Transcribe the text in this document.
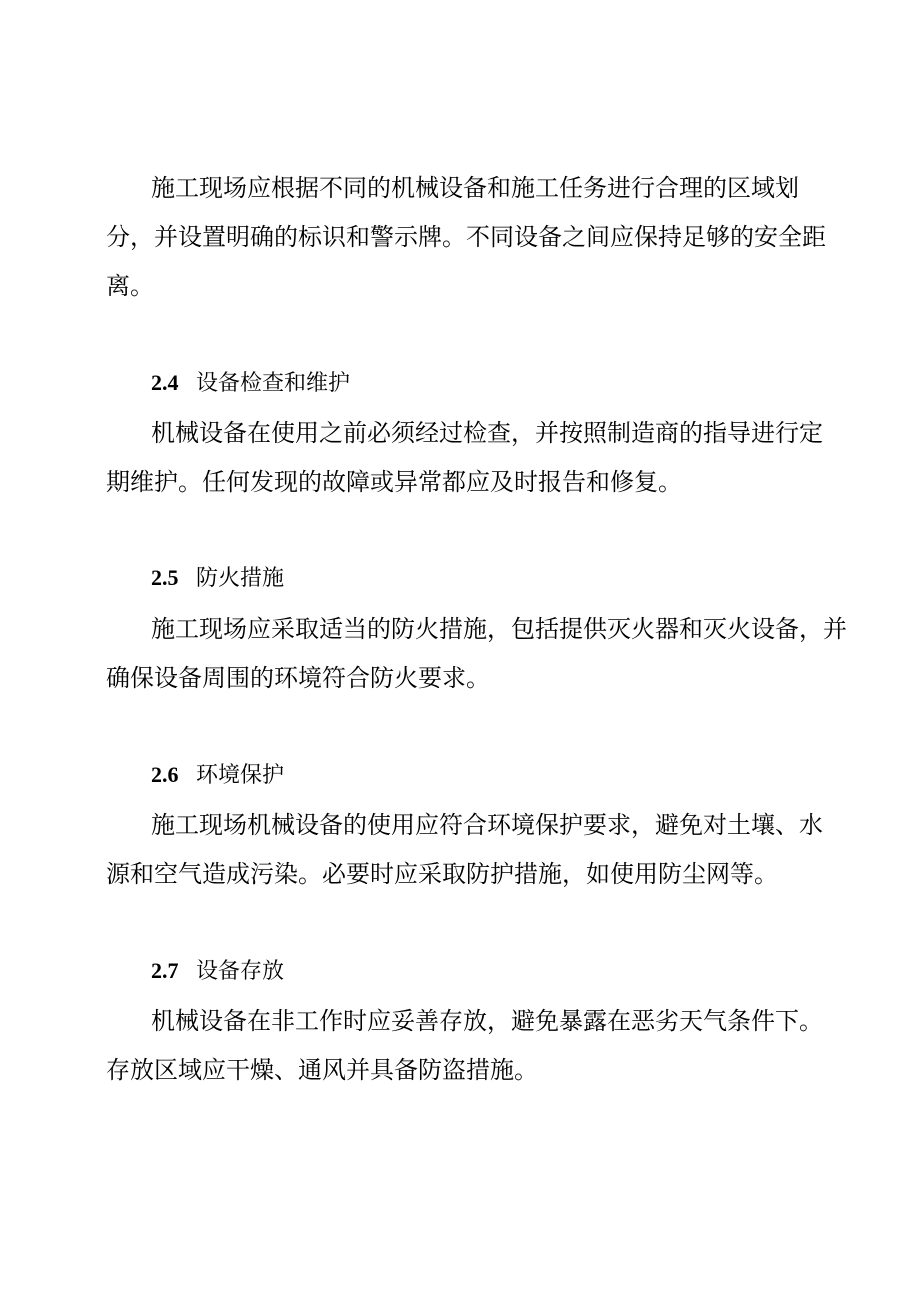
施工现场应根据不同的机械设备和施工任务进行合理的区域划

分，并设置明确的标识和警示牌。不同设备之间应保持足够的安全距

离。

2.4 设备检查和维护

机械设备在使用之前必须经过检查，并按照制造商的指导进行定

期维护。任何发现的故障或异常都应及时报告和修复。

2.5 防火措施

施工现场应采取适当的防火措施，包括提供灭火器和灭火设备，并

确保设备周围的环境符合防火要求。

2.6 环境保护

施工现场机械设备的使用应符合环境保护要求，避免对土壤、水

源和空气造成污染。必要时应采取防护措施，如使用防尘网等。

2.7 设备存放

机械设备在非工作时应妥善存放，避免暴露在恶劣天气条件下。

存放区域应干燥、通风并具备防盗措施。
